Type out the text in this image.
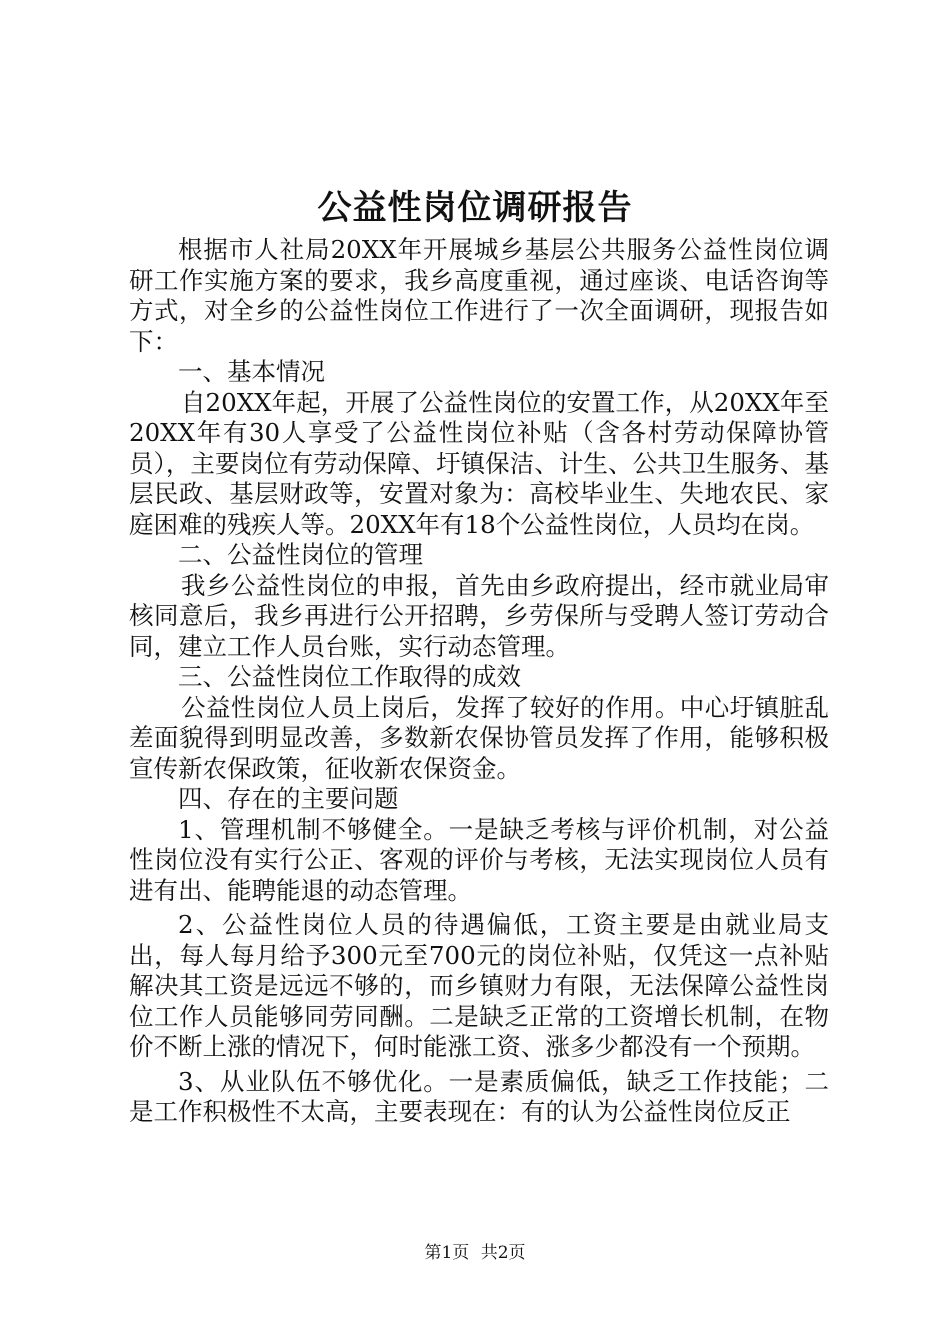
公益性岗位调研报告

根据市人社局20XX年开展城乡基层公共服务公益性岗位调研工作实施方案的要求，我乡高度重视，通过座谈、电话咨询等方式，对全乡的公益性岗位工作进行了一次全面调研，现报告如下：

一、基本情况

自20XX年起，开展了公益性岗位的安置工作，从20XX年至20XX年有30人享受了公益性岗位补贴（含各村劳动保障协管员），主要岗位有劳动保障、圩镇保洁、计生、公共卫生服务、基层民政、基层财政等，安置对象为：高校毕业生、失地农民、家庭困难的残疾人等。20XX年有18个公益性岗位，人员均在岗。

二、公益性岗位的管理

我乡公益性岗位的申报，首先由乡政府提出，经市就业局审核同意后，我乡再进行公开招聘，乡劳保所与受聘人签订劳动合同，建立工作人员台账，实行动态管理。

三、公益性岗位工作取得的成效

公益性岗位人员上岗后，发挥了较好的作用。中心圩镇脏乱差面貌得到明显改善，多数新农保协管员发挥了作用，能够积极宣传新农保政策，征收新农保资金。

四、存在的主要问题

1、管理机制不够健全。一是缺乏考核与评价机制，对公益性岗位没有实行公正、客观的评价与考核，无法实现岗位人员有进有出、能聘能退的动态管理。

2、公益性岗位人员的待遇偏低，工资主要是由就业局支出，每人每月给予300元至700元的岗位补贴，仅凭这一点补贴解决其工资是远远不够的，而乡镇财力有限，无法保障公益性岗位工作人员能够同劳同酬。二是缺乏正常的工资增长机制，在物价不断上涨的情况下，何时能涨工资、涨多少都没有一个预期。

3、从业队伍不够优化。一是素质偏低，缺乏工作技能；二是工作积极性不太高，主要表现在：有的认为公益性岗位反正

第1页 共2页
